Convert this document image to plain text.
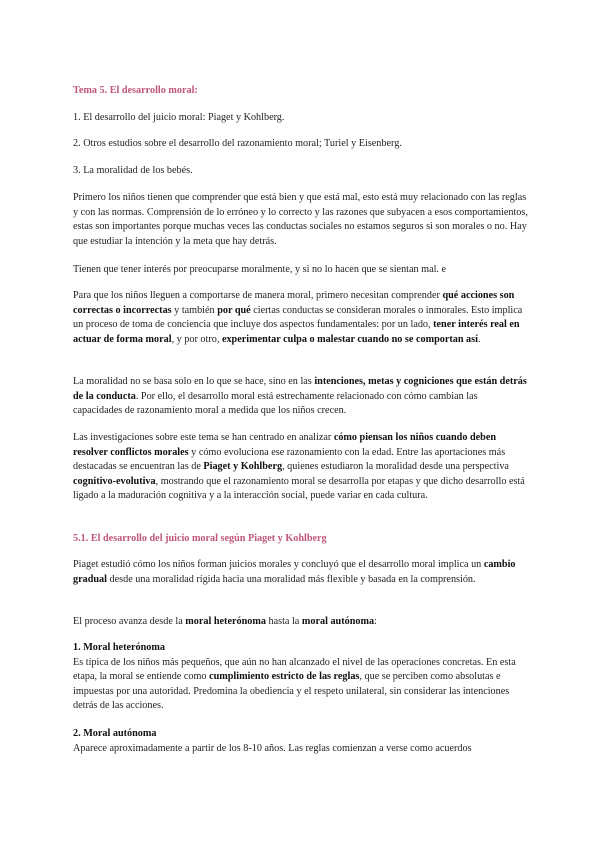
Tema 5. El desarrollo moral:

1. El desarrollo del juicio moral: Piaget y Kohlberg.

2. Otros estudios sobre el desarrollo del razonamiento moral; Turiel y Eisenberg.

3. La moralidad de los bebés.

Primero los niños tienen que comprender que está bien y que está mal, esto está muy relacionado con las reglas y con las normas. Comprensión de lo erróneo y lo correcto y las razones que subyacen a esos comportamientos, estas son importantes porque muchas veces las conductas sociales no estamos seguros si son morales o no. Hay que estudiar la intención y la meta que hay detrás.

Tienen que tener interés por preocuparse moralmente, y si no lo hacen que se sientan mal. e

Para que los niños lleguen a comportarse de manera moral, primero necesitan comprender qué acciones son correctas o incorrectas y también por qué ciertas conductas se consideran morales o inmorales. Esto implica un proceso de toma de conciencia que incluye dos aspectos fundamentales: por un lado, tener interés real en actuar de forma moral, y por otro, experimentar culpa o malestar cuando no se comportan así.

La moralidad no se basa solo en lo que se hace, sino en las intenciones, metas y cogniciones que están detrás de la conducta. Por ello, el desarrollo moral está estrechamente relacionado con cómo cambian las capacidades de razonamiento moral a medida que los niños crecen.

Las investigaciones sobre este tema se han centrado en analizar cómo piensan los niños cuando deben resolver conflictos morales y cómo evoluciona ese razonamiento con la edad. Entre las aportaciones más destacadas se encuentran las de Piaget y Kohlberg, quienes estudiaron la moralidad desde una perspectiva cognitivo-evolutiva, mostrando que el razonamiento moral se desarrolla por etapas y que dicho desarrollo está ligado a la maduración cognitiva y a la interacción social, puede variar en cada cultura.

5.1. El desarrollo del juicio moral según Piaget y Kohlberg

Piaget estudió cómo los niños forman juicios morales y concluyó que el desarrollo moral implica un cambio gradual desde una moralidad rígida hacia una moralidad más flexible y basada en la comprensión.

El proceso avanza desde la moral heterónoma hasta la moral autónoma:

1. Moral heterónoma
Es típica de los niños más pequeños, que aún no han alcanzado el nivel de las operaciones concretas. En esta etapa, la moral se entiende como cumplimiento estricto de las reglas, que se perciben como absolutas e impuestas por una autoridad. Predomina la obediencia y el respeto unilateral, sin considerar las intenciones detrás de las acciones.
2. Moral autónoma
Aparece aproximadamente a partir de los 8-10 años. Las reglas comienzan a verse como acuerdos
